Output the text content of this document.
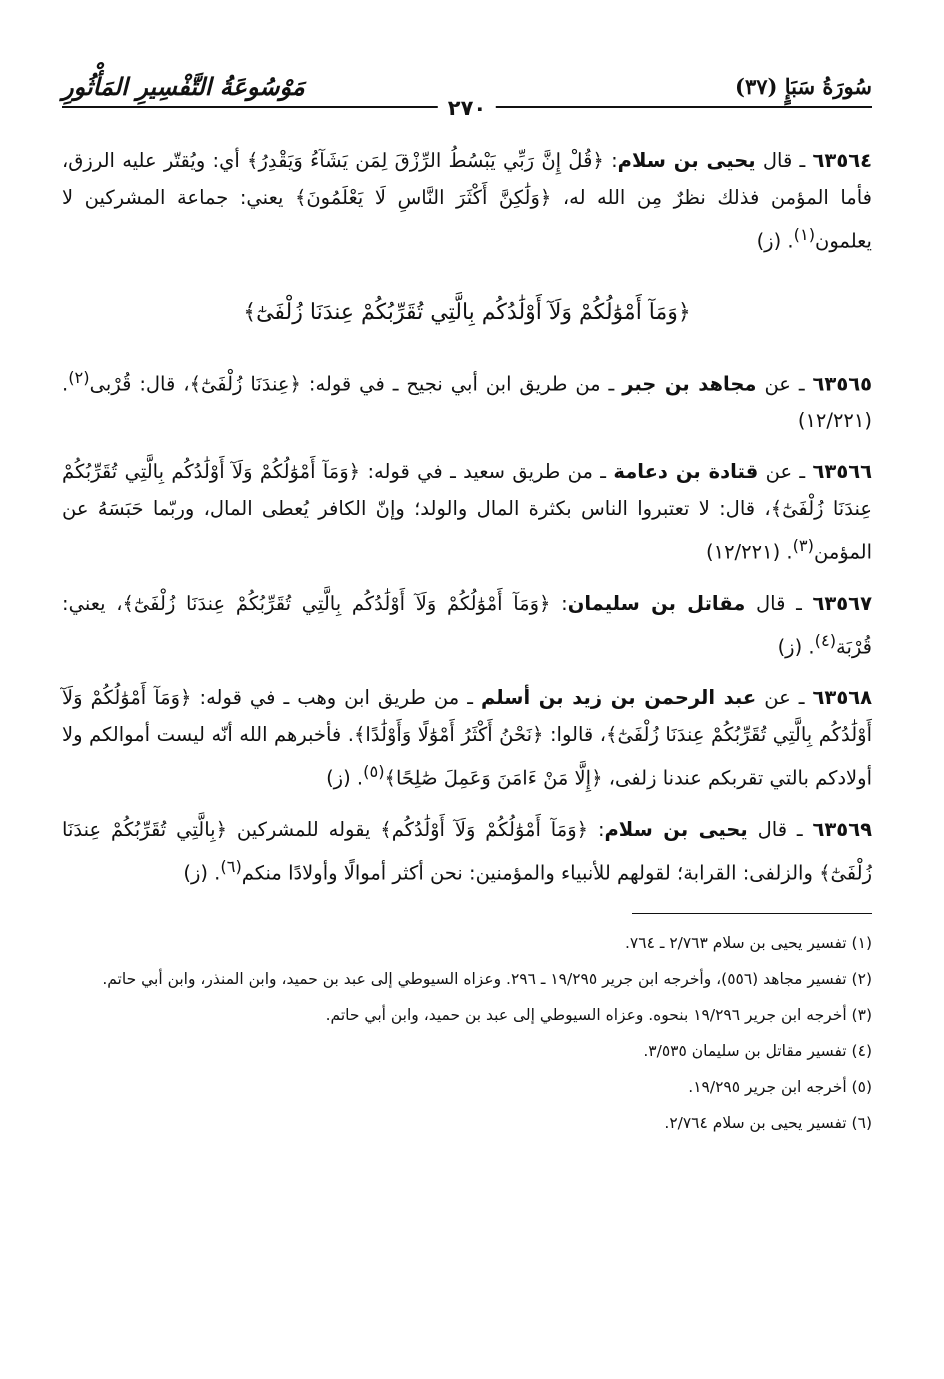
سُورَةُ سَبَإٍ (٣٧)
مَوْسُوعَةُ التَّفْسِيرِ المَأْثُورِ
٢٧٠

٦٣٥٦٤ ـ قال يحيى بن سلام: ﴿قُلْ إِنَّ رَبِّي يَبْسُطُ الرِّزْقَ لِمَن يَشَآءُ وَيَقْدِرُ﴾ أي: ويُقتّر عليه الرزق، فأما المؤمن فذلك نظرٌ مِن الله له، ﴿وَلَٰكِنَّ أَكْثَرَ النَّاسِ لَا يَعْلَمُونَ﴾ يعني: جماعة المشركين لا يعلمون$^{(١)}$. (ز)

﴿وَمَآ أَمْوَٰلُكُمْ وَلَآ أَوْلَٰدُكُم بِالَّتِي تُقَرِّبُكُمْ عِندَنَا زُلْفَىٰٓ﴾

٦٣٥٦٥ ـ عن مجاهد بن جبر ـ من طريق ابن أبي نجيح ـ في قوله: ﴿عِندَنَا زُلْفَىٰٓ﴾، قال: قُرْبى$^{(٢)}$. (١٢/٢٢١)

٦٣٥٦٦ ـ عن قتادة بن دعامة ـ من طريق سعيد ـ في قوله: ﴿وَمَآ أَمْوَٰلُكُمْ وَلَآ أَوْلَٰدُكُم بِالَّتِي تُقَرِّبُكُمْ عِندَنَا زُلْفَىٰٓ﴾، قال: لا تعتبروا الناس بكثرة المال والولد؛ وإنّ الكافر يُعطى المال، وربّما حَبَسَهُ عن المؤمن$^{(٣)}$. (١٢/٢٢١)

٦٣٥٦٧ ـ قال مقاتل بن سليمان: ﴿وَمَآ أَمْوَٰلُكُمْ وَلَآ أَوْلَٰدُكُم بِالَّتِي تُقَرِّبُكُمْ عِندَنَا زُلْفَىٰٓ﴾، يعني: قُرْبَة$^{(٤)}$. (ز)

٦٣٥٦٨ ـ عن عبد الرحمن بن زيد بن أسلم ـ من طريق ابن وهب ـ في قوله: ﴿وَمَآ أَمْوَٰلُكُمْ وَلَآ أَوْلَٰدُكُم بِالَّتِي تُقَرِّبُكُمْ عِندَنَا زُلْفَىٰٓ﴾، قالوا: ﴿نَحْنُ أَكْثَرُ أَمْوَٰلًا وَأَوْلَٰدًا﴾. فأخبرهم الله أنّه ليست أموالكم ولا أولادكم بالتي تقربكم عندنا زلفى، ﴿إِلَّا مَنْ ءَامَنَ وَعَمِلَ صَٰلِحًا﴾$^{(٥)}$. (ز)

٦٣٥٦٩ ـ قال يحيى بن سلام: ﴿وَمَآ أَمْوَٰلُكُمْ وَلَآ أَوْلَٰدُكُم﴾ يقوله للمشركين ﴿بِالَّتِي تُقَرِّبُكُمْ عِندَنَا زُلْفَىٰٓ﴾ والزلفى: القرابة؛ لقولهم للأنبياء والمؤمنين: نحن أكثر أموالًا وأولادًا منكم$^{(٦)}$. (ز)

(١) تفسير يحيى بن سلام ٢/٧٦٣ ـ ٧٦٤.

(٢) تفسير مجاهد (٥٥٦)، وأخرجه ابن جرير ١٩/٢٩٥ ـ ٢٩٦. وعزاه السيوطي إلى عبد بن حميد، وابن المنذر، وابن أبي حاتم.

(٣) أخرجه ابن جرير ١٩/٢٩٦ بنحوه. وعزاه السيوطي إلى عبد بن حميد، وابن أبي حاتم.

(٤) تفسير مقاتل بن سليمان ٣/٥٣٥.

(٥) أخرجه ابن جرير ١٩/٢٩٥.

(٦) تفسير يحيى بن سلام ٢/٧٦٤.
